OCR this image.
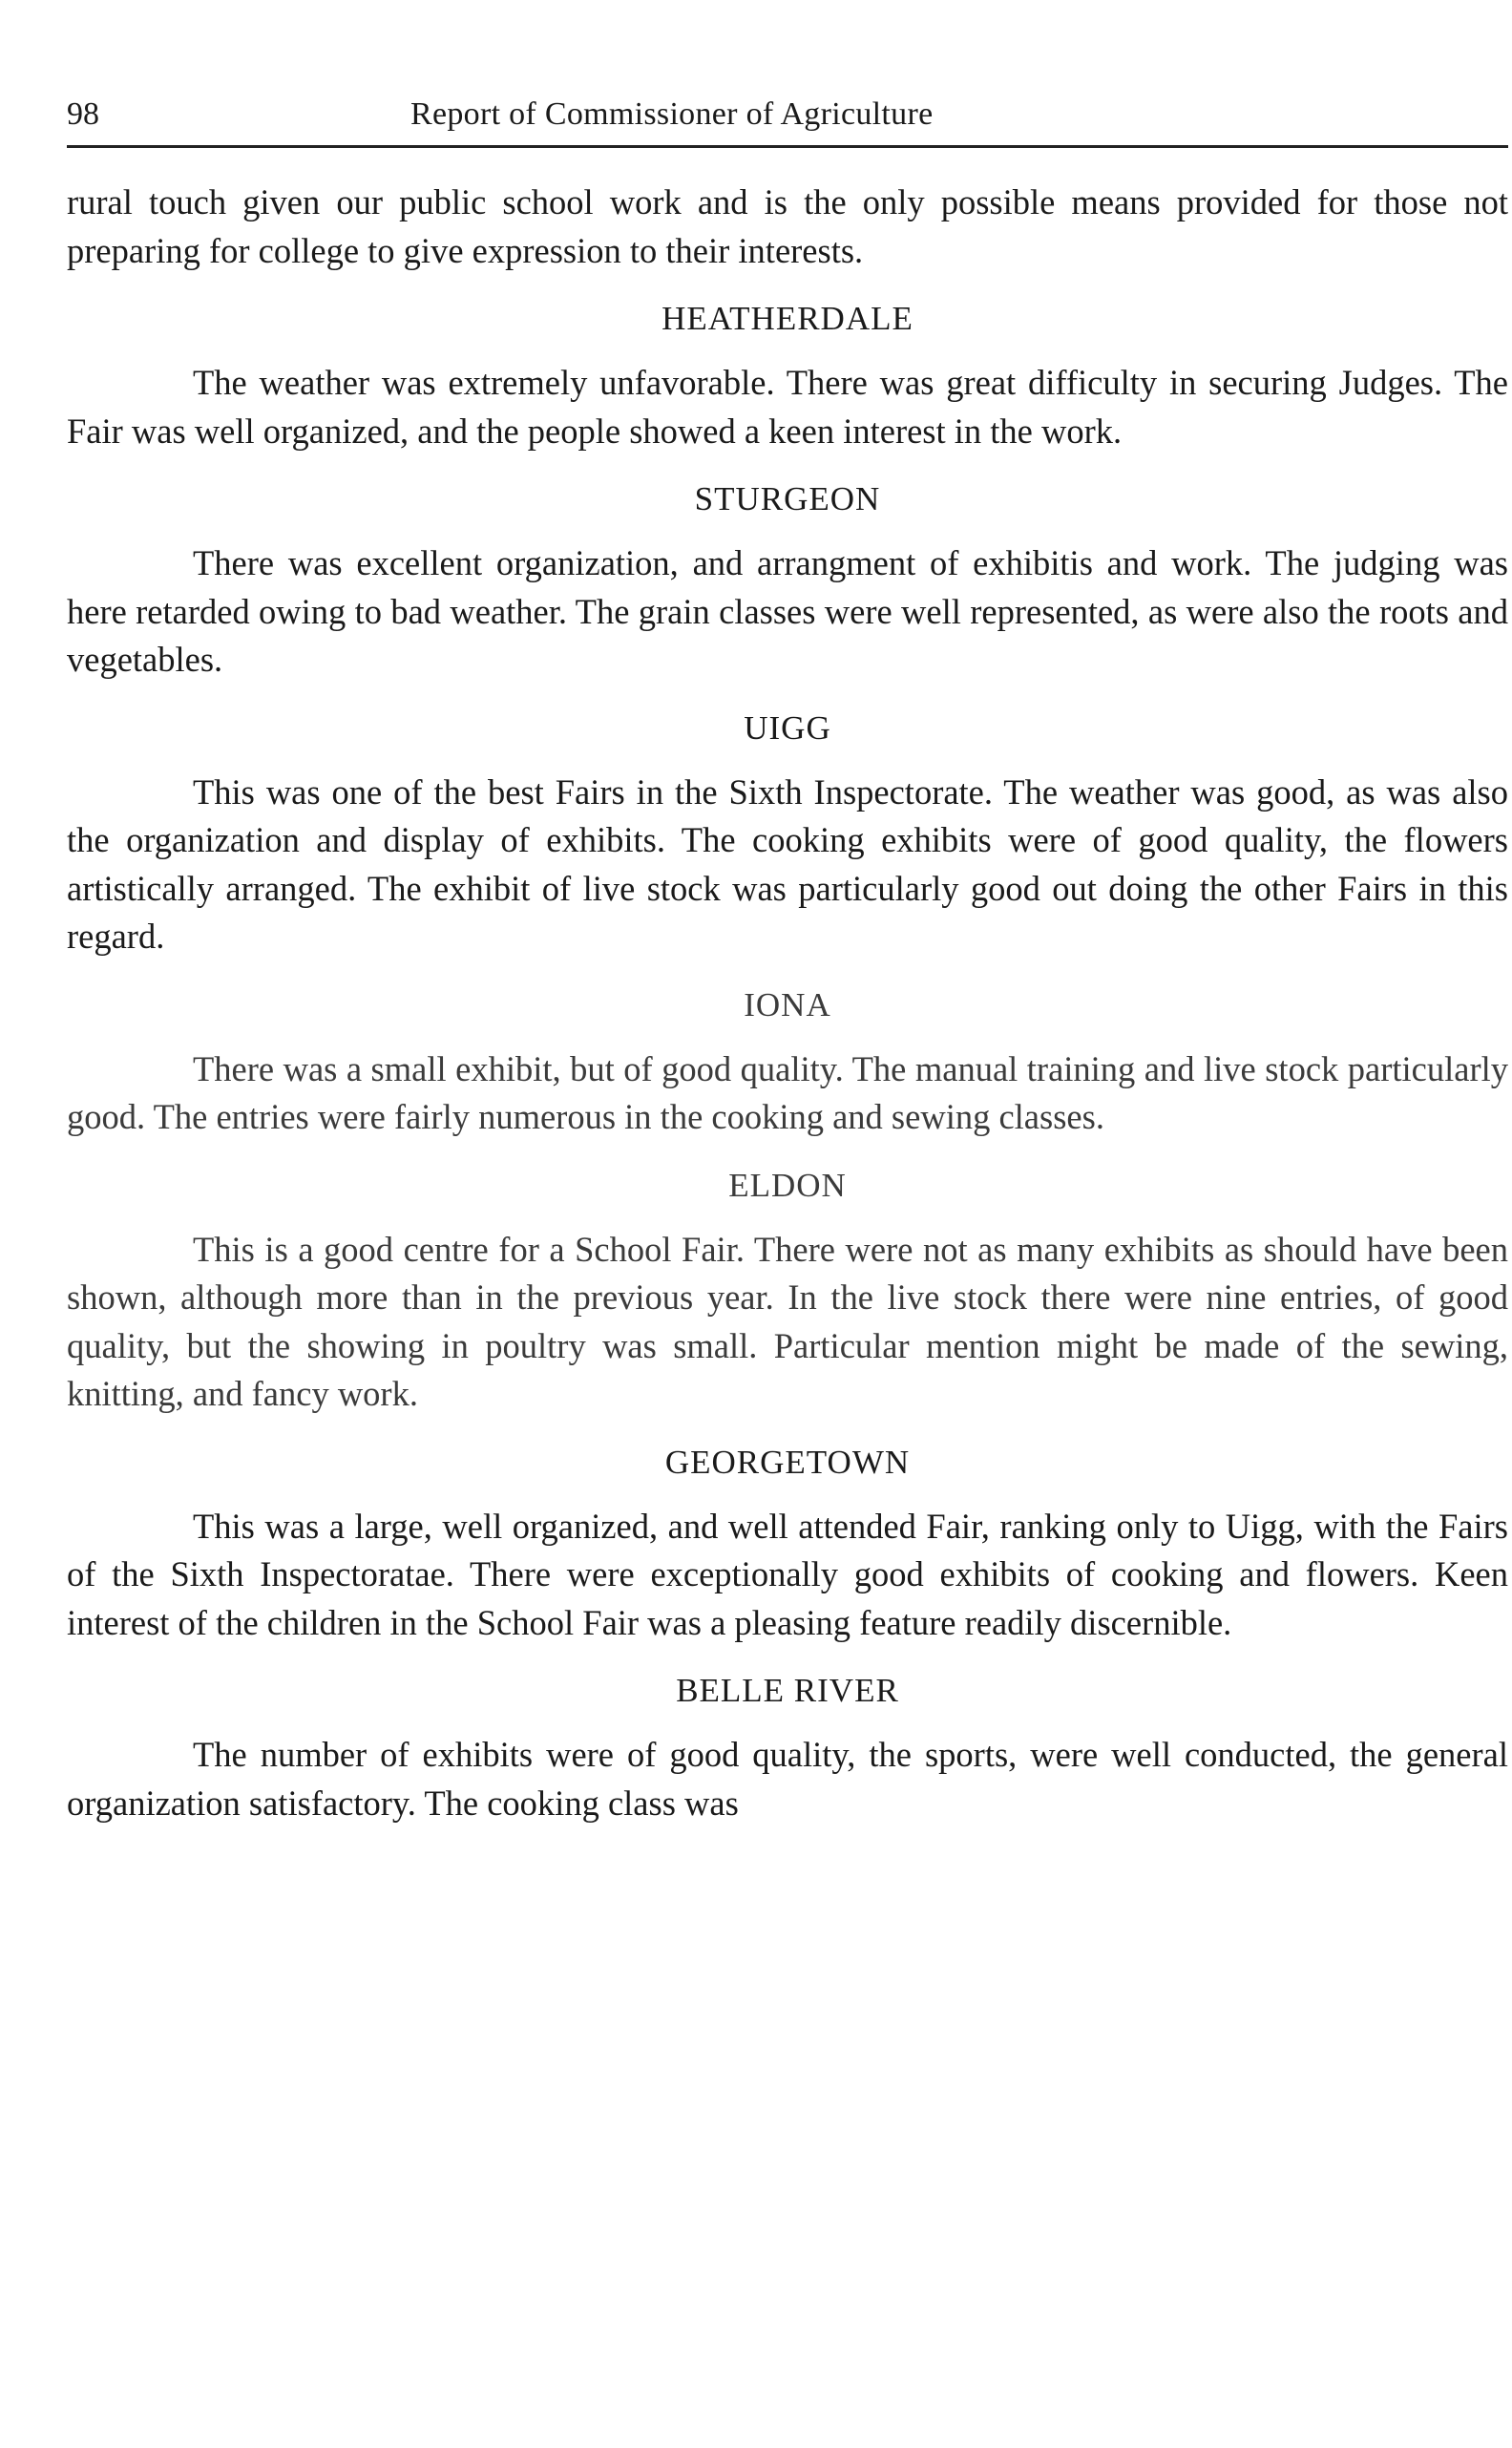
98	Report of Commissioner of Agriculture

rural touch given our public school work and is the only possible means provided for those not preparing for college to give expression to their interests.

HEATHERDALE

The weather was extremely unfavorable. There was great difficulty in securing Judges. The Fair was well organized, and the people showed a keen interest in the work.

STURGEON

There was excellent organization, and arrangment of exhibitis and work. The judging was here retarded owing to bad weather. The grain classes were well represented, as were also the roots and vegetables.

UIGG

This was one of the best Fairs in the Sixth Inspectorate. The weather was good, as was also the organization and display of exhibits. The cooking exhibits were of good quality, the flowers artistically arranged. The exhibit of live stock was particularly good out doing the other Fairs in this regard.

IONA

There was a small exhibit, but of good quality. The manual training and live stock particularly good. The entries were fairly numerous in the cooking and sewing classes.

ELDON

This is a good centre for a School Fair. There were not as many exhibits as should have been shown, although more than in the previous year. In the live stock there were nine entries, of good quality, but the showing in poultry was small. Particular mention might be made of the sewing, knitting, and fancy work.

GEORGETOWN

This was a large, well organized, and well attended Fair, ranking only to Uigg, with the Fairs of the Sixth Inspectoratae. There were exceptionally good exhibits of cooking and flowers. Keen interest of the children in the School Fair was a pleasing feature readily discernible.

BELLE RIVER

The number of exhibits were of good quality, the sports, were well conducted, the general organization satisfactory. The cooking class was
